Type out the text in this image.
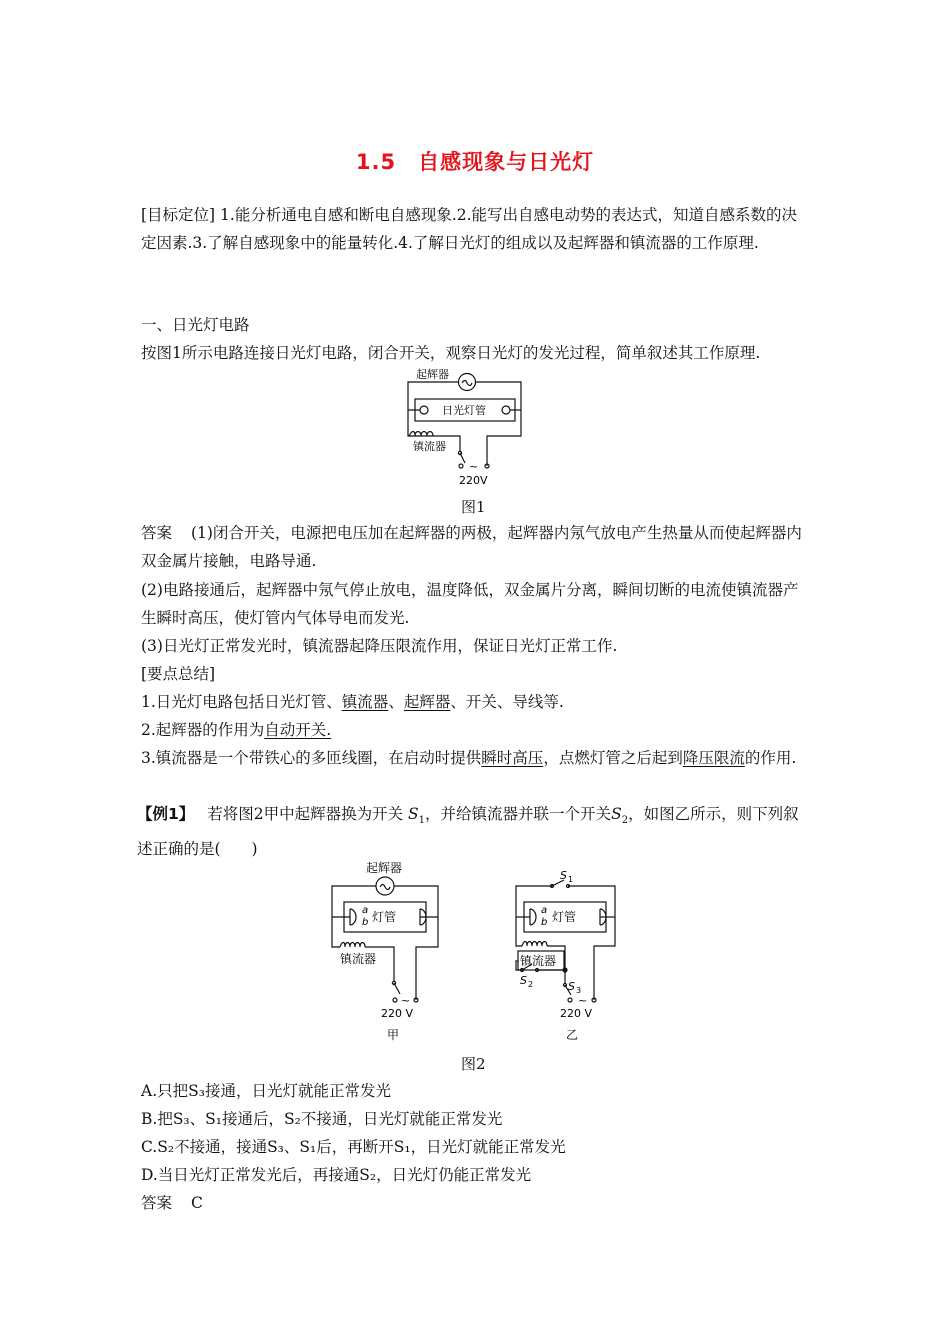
1.5　自感现象与日光灯
[目标定位] 1.能分析通电自感和断电自感现象.2.能写出自感电动势的表达式，知道自感系数的决定因素.3.了解自感现象中的能量转化.4.了解日光灯的组成以及起辉器和镇流器的工作原理.
一、日光灯电路
按图1所示电路连接日光灯电路，闭合开关，观察日光灯的发光过程，简单叙述其工作原理.
起辉器
日光灯管
镇流器
~
220V
图1
答案 (1)闭合开关，电源把电压加在起辉器的两极，起辉器内氖气放电产生热量从而使起辉器内双金属片接触，电路导通.
(2)电路接通后，起辉器中氖气停止放电，温度降低，双金属片分离，瞬间切断的电流使镇流器产生瞬时高压，使灯管内气体导电而发光.
(3)日光灯正常发光时，镇流器起降压限流作用，保证日光灯正常工作.
[要点总结]
1.日光灯电路包括日光灯管、镇流器、起辉器、开关、导线等.
2.起辉器的作用为自动开关.
3.镇流器是一个带铁心的多匝线圈，在启动时提供瞬时高压，点燃灯管之后起到降压限流的作用.
【例1】 若将图2甲中起辉器换为开关 $S_1$，并给镇流器并联一个开关$S_2$，如图乙所示，则下列叙述正确的是(　　)
起辉器
a
b 灯管
镇流器
~
220 V
甲
S 1
a
b 灯管
镇流器
S 2	S 3
~
220 V
乙
图2
A.只把S₃接通，日光灯就能正常发光
B.把S₃、S₁接通后，S₂不接通，日光灯就能正常发光
C.S₂不接通，接通S₃、S₁后，再断开S₁，日光灯就能正常发光
D.当日光灯正常发光后，再接通S₂，日光灯仍能正常发光
答案 C
